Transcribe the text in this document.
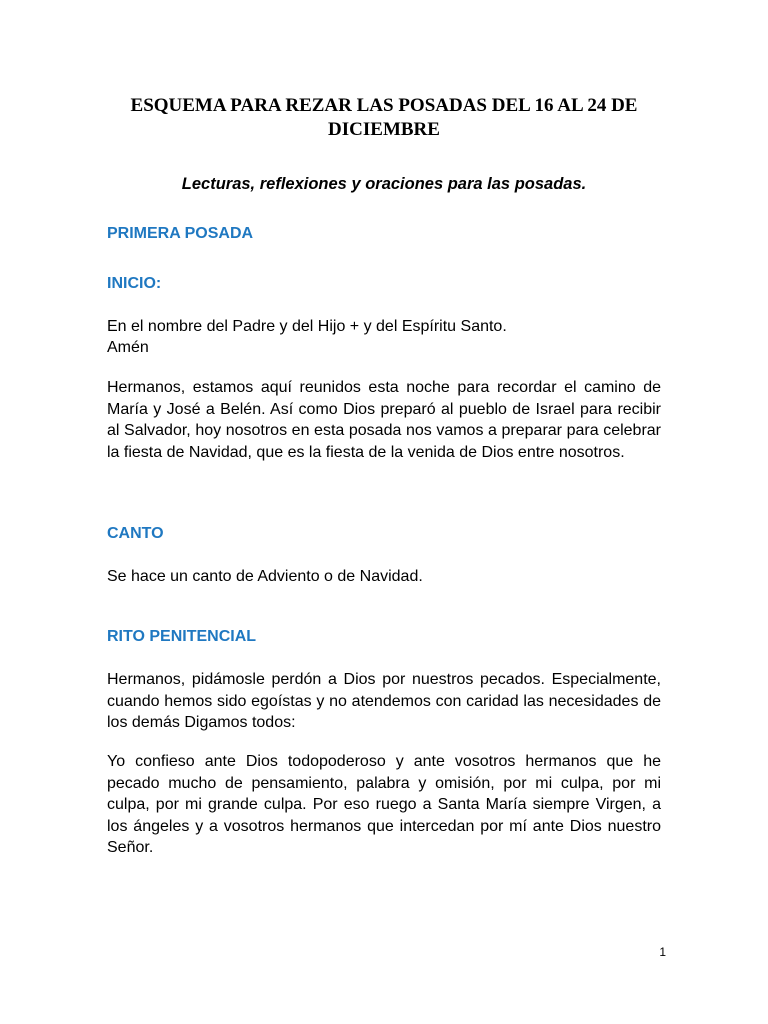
ESQUEMA PARA REZAR LAS POSADAS DEL 16 AL 24 DE DICIEMBRE

Lecturas, reflexiones y oraciones para las posadas.

PRIMERA POSADA
INICIO:

En el nombre del Padre y del Hijo + y del Espíritu Santo.

Amén

Hermanos, estamos aquí reunidos esta noche para recordar el camino de María y José a Belén. Así como Dios preparó al pueblo de Israel para recibir al Salvador, hoy nosotros en esta posada nos vamos a preparar para celebrar la fiesta de Navidad, que es la fiesta de la venida de Dios entre nosotros.

CANTO

Se hace un canto de Adviento o de Navidad.

RITO PENITENCIAL

Hermanos, pidámosle perdón a Dios por nuestros pecados. Especialmente, cuando hemos sido egoístas y no atendemos con caridad las necesidades de los demás Digamos todos:

Yo confieso ante Dios todopoderoso y ante vosotros hermanos que he pecado mucho de pensamiento, palabra y omisión, por mi culpa, por mi culpa, por mi grande culpa. Por eso ruego a Santa María siempre Virgen, a los ángeles y a vosotros hermanos que intercedan por mí ante Dios nuestro Señor.

1
